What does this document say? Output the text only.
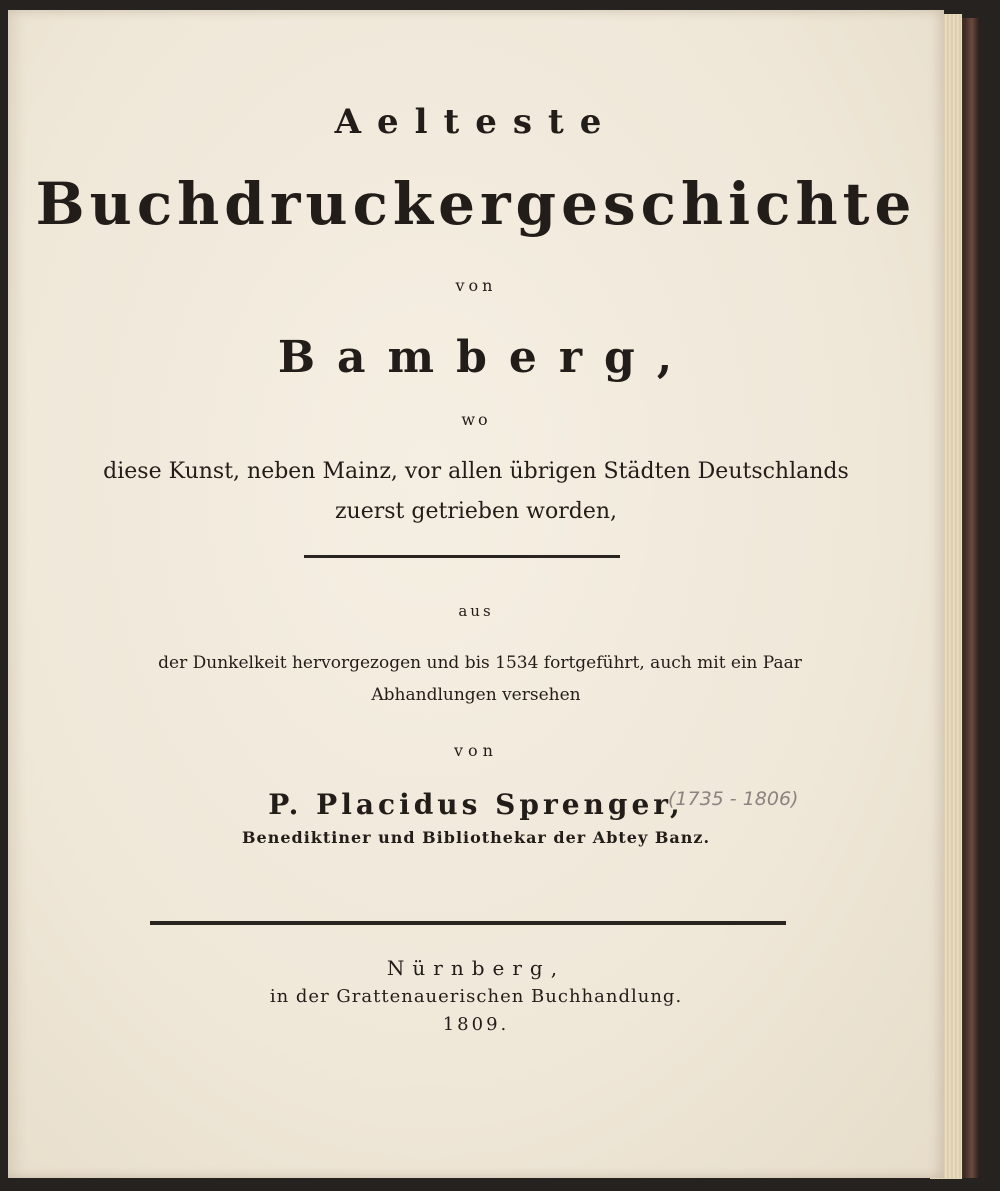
Aelteste
Buchdruckergeschichte
von
Bamberg,
wo
diese Kunst, neben Mainz, vor allen übrigen Städten Deutschlands
zuerst getrieben worden,
aus
der Dunkelkeit hervorgezogen und bis 1534 fortgeführt, auch mit ein Paar
Abhandlungen versehen
von
P. Placidus Sprenger,
(1735 - 1806)
Benediktiner und Bibliothekar der Abtey Banz.
Nürnberg,
in der Grattenauerischen Buchhandlung.
1809.
